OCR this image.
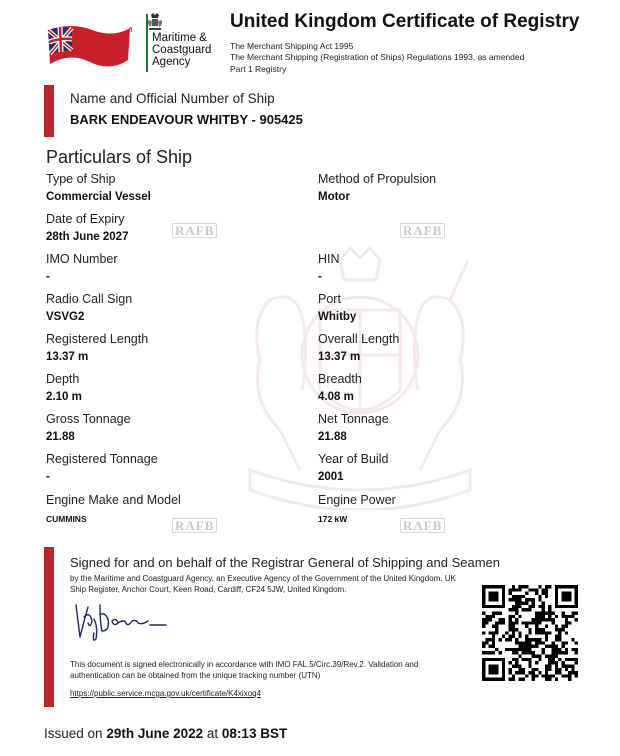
Maritime &
Coastguard
Agency
United Kingdom Certificate of Registry
The Merchant Shipping Act 1995
The Merchant Shipping (Registration of Ships) Regulations 1993, as amended
Part 1 Registry
Name and Official Number of Ship
BARK ENDEAVOUR WHITBY - 905425
Particulars of Ship
RAFB	RAFB
RAFB	RAFB
Type of Ship
Commercial Vessel
Date of Expiry
28th June 2027
IMO Number
-
Radio Call Sign
VSVG2
Registered Length
13.37 m
Depth
2.10 m
Gross Tonnage
21.88
Registered Tonnage
-
Engine Make and Model
CUMMINS
Method of Propulsion
Motor
HIN
-
Port
Whitby
Overall Length
13.37 m
Breadth
4.08 m
Net Tonnage
21.88
Year of Build
2001
Engine Power
172 kW
Signed for and on behalf of the Registrar General of Shipping and Seamen
by the Maritime and Coastguard Agency, an Executive Agency of the Government of the United Kingdom. UK Ship Register, Anchor Court, Keen Road, Cardiff, CF24 5JW, United Kingdom.
This document is signed electronically in accordance with IMO FAL.5/Circ.39/Rev.2. Validation and authentication can be obtained from the unique tracking number (UTN)
https://public.service.mcga.gov.uk/certificate/K4xixoq4
Issued on 29th June 2022 at 08:13 BST
